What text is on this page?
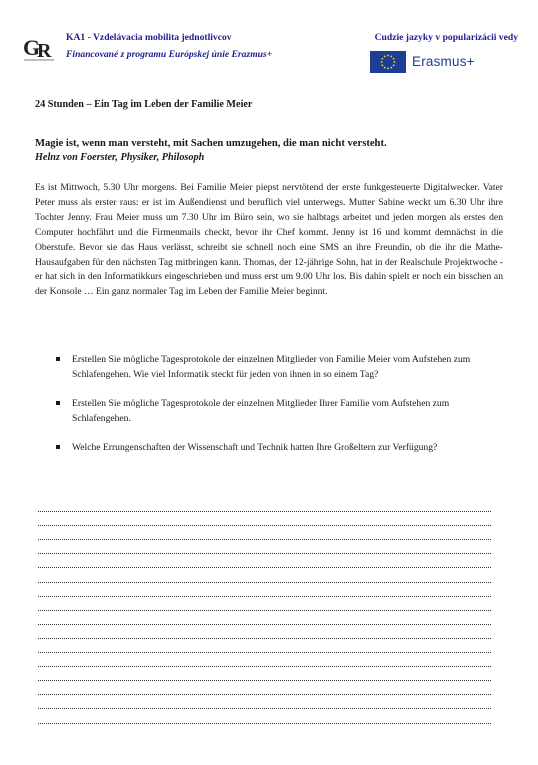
G
R
KA1 - Vzdelávacia mobilita jednotlivcov
Financované z programu Európskej únie Erazmus+
Cudzie jazyky v popularizácii vedy
Erasmus+
24 Stunden – Ein Tag im Leben der Familie Meier
Magie ist, wenn man versteht, mit Sachen umzugehen, die man nicht versteht.
Helnz von Foerster, Physiker, Philosoph

Es ist Mittwoch, 5.30 Uhr morgens. Bei Familie Meier piepst nervtötend der erste funkgesteuerte Digitalwecker. Vater Peter muss als erster raus: er ist im Außendienst und beruflich viel unterwegs. Mutter Sabine weckt um 6.30 Uhr ihre Tochter Jenny. Frau Meier muss um 7.30 Uhr im Büro sein, wo sie halbtags arbeitet und jeden morgen als erstes den Computer hochfährt und die Firmenmails checkt, bevor ihr Chef kommt. Jenny ist 16 und kommt demnächst in die Oberstufe. Bevor sie das Haus verlässt, schreibt sie schnell noch eine SMS an ihre Freundin, ob die ihr die Mathe-Hausaufgaben für den nächsten Tag mitbringen kann. Thomas, der 12-jährige Sohn, hat in der Realschule Projektwoche - er hat sich in den Informatikkurs eingeschrieben und muss erst um 9.00 Uhr los. Bis dahin spielt er noch ein bisschen an der Konsole … Ein ganz normaler Tag im Leben der Familie Meier beginnt.

Erstellen Sie mögliche Tagesprotokole der einzelnen Mitglieder von Familie Meier vom Aufstehen zum Schlafengehen. Wie viel Informatik steckt für jeden von ihnen in so einem Tag?
Erstellen Sie mögliche Tagesprotokole der einzelnen Mitglieder Ihrer Familie vom Aufstehen zum Schlafengehen.
Welche Errungenschaften der Wissenschaft und Technik hatten Ihre Großeltern zur Verfügung?
